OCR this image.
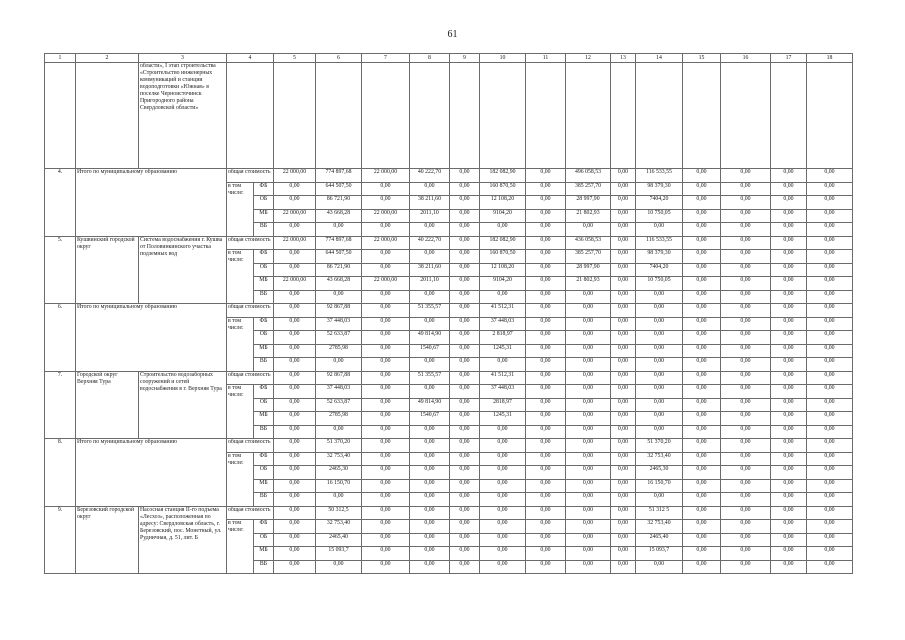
61
1	2	3	4		5	6	7	8	9	10	11	12	13	14	15	16	17	18
		области», I этап строительства «Строительство инженерных коммуникаций и станции водоподготовки «Южная» в поселке Черноисточинск Пригородного района Свердловской области»																
4.	Итого по муниципальному образованию		общая стоимость		22 000,00	774 897,68	22 000,00	40 222,70	0,00	182 082,90	0,00	496 058,53	0,00	116 533,55	0,00	0,00	0,00	0,00
			в том числе:	ФБ	0,00	644 507,50	0,00	0,00	0,00	160 870,50	0,00	385 257,70	0,00	98 379,30	0,00	0,00	0,00	0,00
				ОБ	0,00	86 721,90	0,00	38 211,60	0,00	12 108,20	0,00	28 997,90	0,00	7404,20	0,00	0,00	0,00	0,00
				МБ	22 000,00	43 668,28	22 000,00	2011,10	0,00	9104,20	0,00	21 802,93	0,00	10 750,05	0,00	0,00	0,00	0,00
				ВБ	0,00	0,00	0,00	0,00	0,00	0,00	0,00	0,00	0,00	0,00	0,00	0,00	0,00	0,00
5.	Кушвинский городской округ	Система водоснабжения г. Кушва от Половинкинского участка подземных вод	общая стоимость		22 000,00	774 897,68	22 000,00	40 222,70	0,00	182 082,90	0,00	436 058,53	0,00	116 533,55	0,00	0,00	0,00	0,00
			в том числе:	ФБ	0,00	644 507,50	0,00	0,00	0,00	160 870,50	0,00	385 257,70	0,00	98 379,30	0,00	0,00	0,00	0,00
				ОБ	0,00	86 721,90	0,00	38 211,60	0,00	12 108,20	0,00	28 997,90	0,00	7404,20	0,00	0,00	0,00	0,00
				МБ	22 000,00	43 668,28	22 000,00	2011,10	0,00	9104,20	0,00	21 802,93	0,00	10 750,05	0,00	0,00	0,00	0,00
				ВБ	0,00	0,00	0,00	0,00	0,00	0,00	0,00	0,00	0,00	0,00	0,00	0,00	0,00	0,00
6.	Итого по муниципальному образованию		общая стоимость		0,00	92 867,88	0,00	51 355,57	0,00	41 512,31	0,00	0,00	0,00	0,00	0,00	0,00	0,00	0,00
			в том числе:	ФБ	0,00	37 448,03	0,00	0,00	0,00	37 448,03	0,00	0,00	0,00	0,00	0,00	0,00	0,00	0,00
				ОБ	0,00	52 633,87	0,00	49 814,90	0,00	2 818,97	0,00	0,00	0,00	0,00	0,00	0,00	0,00	0,00
				МБ	0,00	2785,98	0,00	1540,67	0,00	1245,31	0,00	0,00	0,00	0,00	0,00	0,00	0,00	0,00
				ВБ	0,00	0,00	0,00	0,00	0,00	0,00	0,00	0,00	0,00	0,00	0,00	0,00	0,00	0,00
7.	Городской округ Верхняя Тура	Строительство водозаборных сооружений и сетей водоснабжения в г. Верхняя Тура	общая стоимость		0,00	92 867,88	0,00	51 355,57	0,00	41 512,31	0,00	0,00	0,00	0,00	0,00	0,00	0,00	0,00
			в том числе:	ФБ	0,00	37 448,03	0,00	0,00	0,00	37 448,03	0,00	0,00	0,00	0,00	0,00	0,00	0,00	0,00
				ОБ	0,00	52 633,87	0,00	49 814,90	0,00	2818,97	0,00	0,00	0,00	0,00	0,00	0,00	0,00	0,00
				МБ	0,00	2785,98	0,00	1540,67	0,00	1245,31	0,00	0,00	0,00	0,00	0,00	0,00	0,00	0,00
				ВБ	0,00	0,00	0,00	0,00	0,00	0,00	0,00	0,00	0,00	0,00	0,00	0,00	0,00	0,00
8.	Итого по муниципальному образованию		общая стоимость		0,00	51 370,20	0,00	0,00	0,00	0,00	0,00	0,00	0,00	51 370,20	0,00	0,00	0,00	0,00
			в том числе:	ФБ	0,00	32 753,40	0,00	0,00	0,00	0,00	0,00	0,00	0,00	32 753,40	0,00	0,00	0,00	0,00
				ОБ	0,00	2465,30	0,00	0,00	0,00	0,00	0,00	0,00	0,00	2465,30	0,00	0,00	0,00	0,00
				МБ	0,00	16 150,70	0,00	0,00	0,00	0,00	0,00	0,00	0,00	16 150,70	0,00	0,00	0,00	0,00
				ВБ	0,00	0,00	0,00	0,00	0,00	0,00	0,00	0,00	0,00	0,00	0,00	0,00	0,00	0,00
9.	Березовский городской округ	Насосная станция II-го подъема «Лесхоз», расположенная по адресу: Свердловская область, г. Березовский, пос. Монетный, ул. Рудничная, д. 51, лит. Б	общая стоимость		0,00	50 312,5	0,00	0,00	0,00	0,00	0,00	0,00	0,00	51 312 5	0,00	0,00	0,00	0,00
			в том числе:	ФБ	0,00	32 753,40	0,00	0,00	0,00	0,00	0,00	0,00	0,00	32 753,40	0,00	0,00	0,00	0,00
				ОБ	0,00	2465,40	0,00	0,00	0,00	0,00	0,00	0,00	0,00	2465,40	0,00	0,00	0,00	0,00
				МБ	0,00	15 093,7	0,00	0,00	0,00	0,00	0,00	0,00	0,00	15 093,7	0,00	0,00	0,00	0,00
				ВБ	0,00	0,00	0,00	0,00	0,00	0,00	0,00	0,00	0,00	0,00	0,00	0,00	0,00	0,00
